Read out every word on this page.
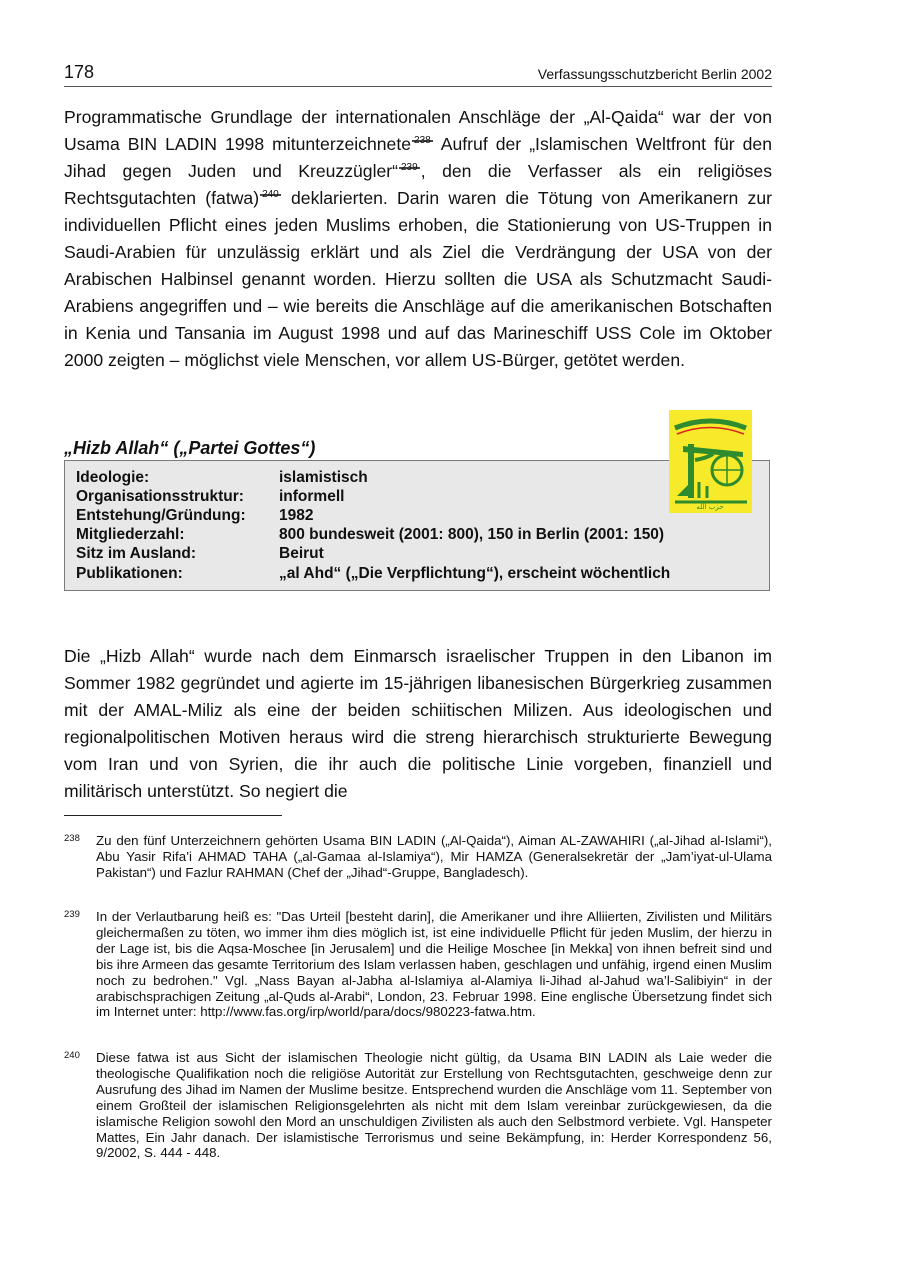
178	Verfassungsschutzbericht Berlin 2002

Programmatische Grundlage der internationalen Anschläge der „Al-Qaida“ war der von Usama BIN LADIN 1998 mitunterzeichnete $^{238}$ Aufruf der „Islamischen Weltfront für den Jihad gegen Juden und Kreuzzügler“ $^{239}$ , den die Verfasser als ein religiöses Rechtsgutachten (fatwa) $^{240}$ deklarierten. Darin waren die Tötung von Amerikanern zur individuellen Pflicht eines jeden Muslims erhoben, die Stationierung von US-Truppen in Saudi-Arabien für unzulässig erklärt und als Ziel die Verdrängung der USA von der Arabischen Halbinsel genannt worden. Hierzu sollten die USA als Schutzmacht Saudi-Arabiens angegriffen und – wie bereits die Anschläge auf die amerikanischen Botschaften in Kenia und Tansania im August 1998 und auf das Marineschiff USS Cole im Oktober 2000 zeigten – möglichst viele Menschen, vor allem US-Bürger, getötet werden.

„Hizb Allah“ („Partei Gottes“)
Ideologie:	islamistisch
Organisationsstruktur: informell
Entstehung/Gründung: 1982
Mitgliederzahl:	800 bundesweit (2001: 800), 150 in Berlin (2001: 150)
Sitz im Ausland:	Beirut
Publikationen:	„al Ahd“ („Die Verpflichtung“), erscheint wöchentlich
حزب الله

Die „Hizb Allah“ wurde nach dem Einmarsch israelischer Truppen in den Libanon im Sommer 1982 gegründet und agierte im 15-jährigen libanesischen Bürgerkrieg zusammen mit der AMAL-Miliz als eine der beiden schiitischen Milizen. Aus ideologischen und regionalpolitischen Motiven heraus wird die streng hierarchisch strukturierte Bewegung vom Iran und von Syrien, die ihr auch die politische Linie vorgeben, finanziell und militärisch unterstützt. So negiert die

238 Zu den fünf Unterzeichnern gehörten Usama BIN LADIN („Al-Qaida“), Aiman AL-ZAWAHIRI („al-Jihad al-Islami“), Abu Yasir Rifa’i AHMAD TAHA („al-Gamaa al-Islamiya“), Mir HAMZA (Generalsekretär der „Jam’iyat-ul-Ulama Pakistan“) und Fazlur RAHMAN (Chef der „Jihad“-Gruppe, Bangladesch).
239 In der Verlautbarung heiß es: "Das Urteil [besteht darin], die Amerikaner und ihre Alliierten, Zivilisten und Militärs gleichermaßen zu töten, wo immer ihm dies möglich ist, ist eine individuelle Pflicht für jeden Muslim, der hierzu in der Lage ist, bis die Aqsa-Moschee [in Jerusalem] und die Heilige Moschee [in Mekka] von ihnen befreit sind und bis ihre Armeen das gesamte Territorium des Islam verlassen haben, geschlagen und unfähig, irgend einen Muslim noch zu bedrohen." Vgl. „Nass Bayan al-Jabha al-Islamiya al-Alamiya li-Jihad al-Jahud wa’l-Salibiyin“ in der arabischsprachigen Zeitung „al-Quds al-Arabi“, London, 23. Februar 1998. Eine englische Übersetzung findet sich im Internet unter: http://www.fas.org/irp/world/para/docs/980223-fatwa.htm.
240 Diese fatwa ist aus Sicht der islamischen Theologie nicht gültig, da Usama BIN LADIN als Laie weder die theologische Qualifikation noch die religiöse Autorität zur Erstellung von Rechtsgutachten, geschweige denn zur Ausrufung des Jihad im Namen der Muslime besitze. Entsprechend wurden die Anschläge vom 11. September von einem Großteil der islamischen Religionsgelehrten als nicht mit dem Islam vereinbar zurückgewiesen, da die islamische Religion sowohl den Mord an unschuldigen Zivilisten als auch den Selbstmord verbiete. Vgl. Hanspeter Mattes, Ein Jahr danach. Der islamistische Terrorismus und seine Bekämpfung, in: Herder Korrespondenz 56, 9/2002, S. 444 - 448.
